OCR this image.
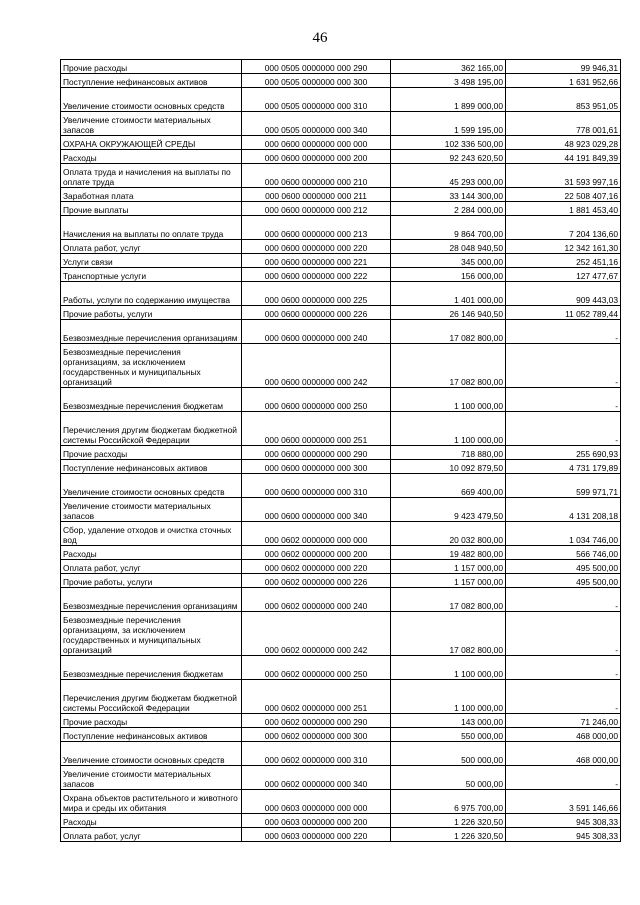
46
Прочие расходы	000 0505 0000000 000 290	362 165,00	99 946,31
Поступление нефинансовых активов	000 0505 0000000 000 300	3 498 195,00	1 631 952,66
Увеличение стоимости основных средств	000 0505 0000000 000 310	1 899 000,00	853 951,05
Увеличение стоимости материальных запасов	000 0505 0000000 000 340	1 599 195,00	778 001,61
ОХРАНА ОКРУЖАЮЩЕЙ СРЕДЫ	000 0600 0000000 000 000	102 336 500,00	48 923 029,28
Расходы	000 0600 0000000 000 200	92 243 620,50	44 191 849,39
Оплата труда и начисления на выплаты по оплате труда	000 0600 0000000 000 210	45 293 000,00	31 593 997,16
Заработная плата	000 0600 0000000 000 211	33 144 300,00	22 508 407,16
Прочие выплаты	000 0600 0000000 000 212	2 284 000,00	1 881 453,40
Начисления на выплаты по оплате труда	000 0600 0000000 000 213	9 864 700,00	7 204 136,60
Оплата работ, услуг	000 0600 0000000 000 220	28 048 940,50	12 342 161,30
Услуги связи	000 0600 0000000 000 221	345 000,00	252 451,16
Транспортные услуги	000 0600 0000000 000 222	156 000,00	127 477,67
Работы, услуги по содержанию имущества	000 0600 0000000 000 225	1 401 000,00	909 443,03
Прочие работы, услуги	000 0600 0000000 000 226	26 146 940,50	11 052 789,44
Безвозмездные перечисления организациям	000 0600 0000000 000 240	17 082 800,00	-
Безвозмездные перечисления организациям, за исключением государственных и муниципальных организаций	000 0600 0000000 000 242	17 082 800,00	-
Безвозмездные перечисления бюджетам	000 0600 0000000 000 250	1 100 000,00	-
Перечисления другим бюджетам бюджетной системы Российской Федерации	000 0600 0000000 000 251	1 100 000,00	-
Прочие расходы	000 0600 0000000 000 290	718 880,00	255 690,93
Поступление нефинансовых активов	000 0600 0000000 000 300	10 092 879,50	4 731 179,89
Увеличение стоимости основных средств	000 0600 0000000 000 310	669 400,00	599 971,71
Увеличение стоимости материальных запасов	000 0600 0000000 000 340	9 423 479,50	4 131 208,18
Сбор, удаление отходов и очистка сточных вод	000 0602 0000000 000 000	20 032 800,00	1 034 746,00
Расходы	000 0602 0000000 000 200	19 482 800,00	566 746,00
Оплата работ, услуг	000 0602 0000000 000 220	1 157 000,00	495 500,00
Прочие работы, услуги	000 0602 0000000 000 226	1 157 000,00	495 500,00
Безвозмездные перечисления организациям	000 0602 0000000 000 240	17 082 800,00	-
Безвозмездные перечисления организациям, за исключением государственных и муниципальных организаций	000 0602 0000000 000 242	17 082 800,00	-
Безвозмездные перечисления бюджетам	000 0602 0000000 000 250	1 100 000,00	-
Перечисления другим бюджетам бюджетной системы Российской Федерации	000 0602 0000000 000 251	1 100 000,00	-
Прочие расходы	000 0602 0000000 000 290	143 000,00	71 246,00
Поступление нефинансовых активов	000 0602 0000000 000 300	550 000,00	468 000,00
Увеличение стоимости основных средств	000 0602 0000000 000 310	500 000,00	468 000,00
Увеличение стоимости материальных запасов	000 0602 0000000 000 340	50 000,00	-
Охрана объектов растительного и животного мира и среды их обитания	000 0603 0000000 000 000	6 975 700,00	3 591 146,66
Расходы	000 0603 0000000 000 200	1 226 320,50	945 308,33
Оплата работ, услуг	000 0603 0000000 000 220	1 226 320,50	945 308,33
